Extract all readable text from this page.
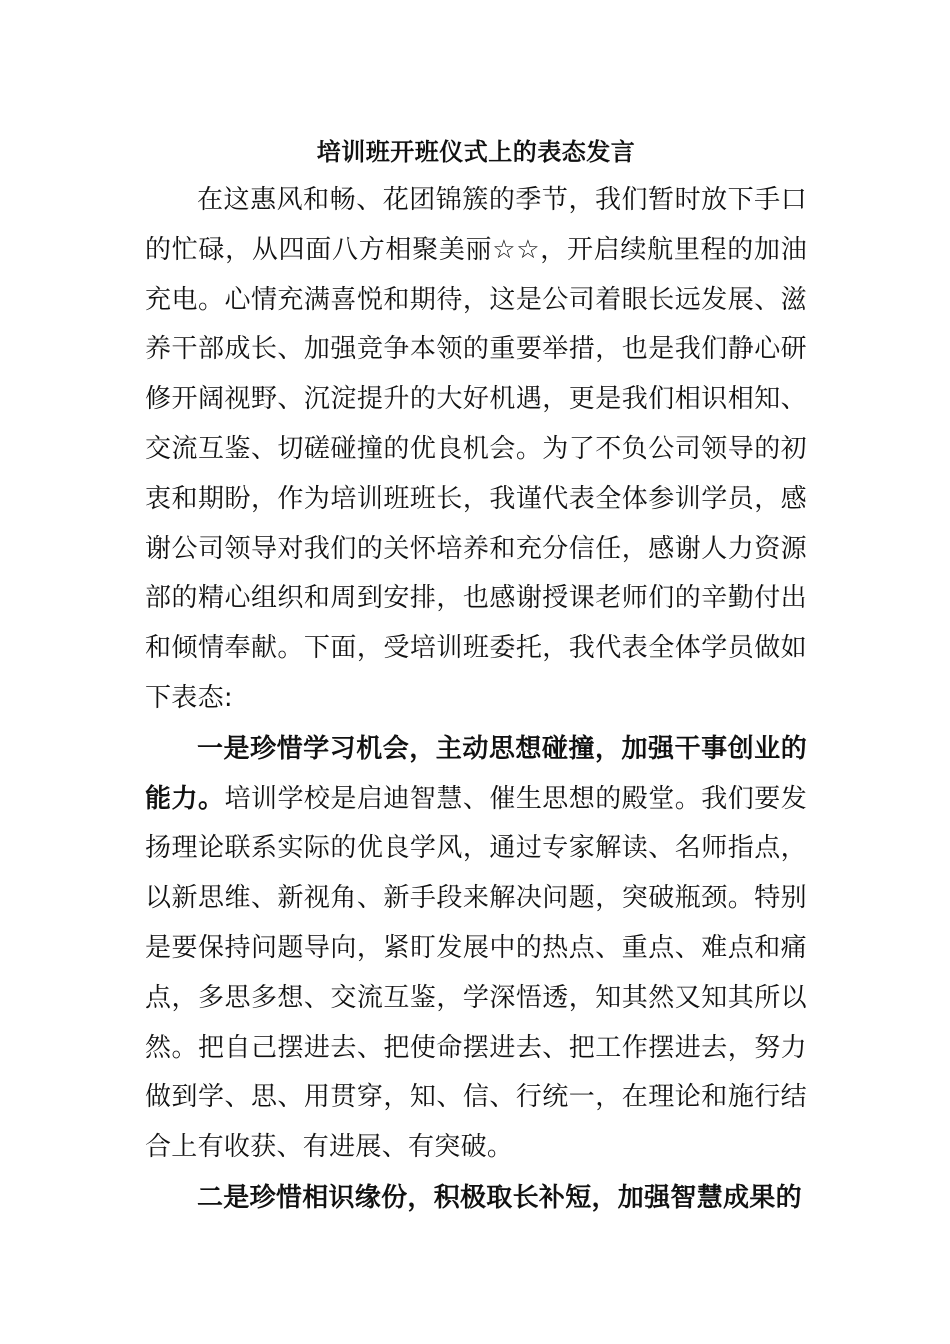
培训班开班仪式上的表态发言

在这惠风和畅、花团锦簇的季节，我们暂时放下手口的忙碌，从四面八方相聚美丽☆☆，开启续航里程的加油充电。心情充满喜悦和期待，这是公司着眼长远发展、滋养干部成长、加强竞争本领的重要举措，也是我们静心研修开阔视野、沉淀提升的大好机遇，更是我们相识相知、交流互鉴、切磋碰撞的优良机会。为了不负公司领导的初衷和期盼，作为培训班班长，我谨代表全体参训学员，感谢公司领导对我们的关怀培养和充分信任，感谢人力资源部的精心组织和周到安排，也感谢授课老师们的辛勤付出和倾情奉献。下面，受培训班委托，我代表全体学员做如下表态:

一是珍惜学习机会，主动思想碰撞，加强干事创业的能力。培训学校是启迪智慧、催生思想的殿堂。我们要发扬理论联系实际的优良学风，通过专家解读、名师指点，以新思维、新视角、新手段来解决问题，突破瓶颈。特别是要保持问题导向，紧盯发展中的热点、重点、难点和痛点，多思多想、交流互鉴，学深悟透，知其然又知其所以然。把自己摆进去、把使命摆进去、把工作摆进去，努力做到学、思、用贯穿，知、信、行统一，在理论和施行结合上有收获、有进展、有突破。

二是珍惜相识缘份，积极取长补短，加强智慧成果的
